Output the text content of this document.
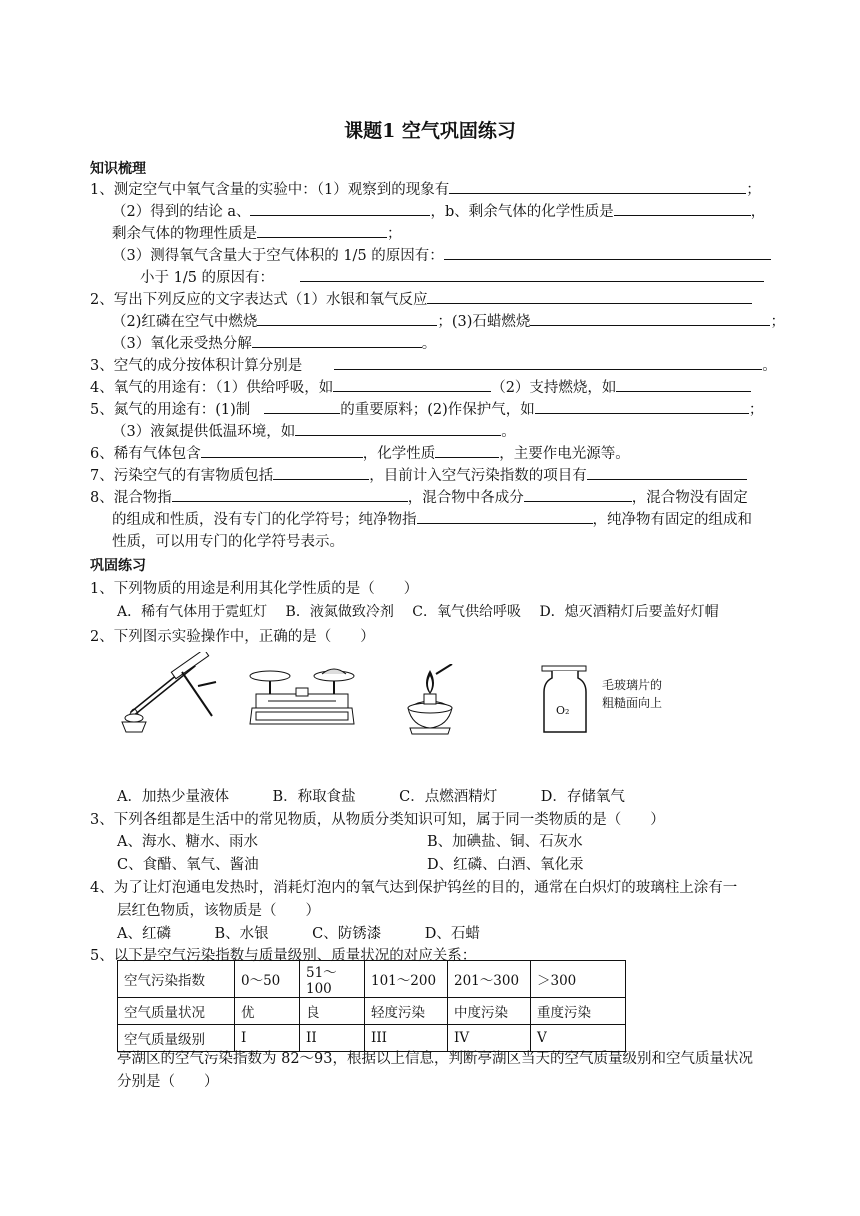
课题1 空气巩固练习
知识梳理
1、测定空气中氧气含量的实验中：（1）观察到的现象有	；
（2）得到的结论 a、	，b、剩余气体的化学性质是	，
剩余气体的物理性质是	；
（3）测得氧气含量大于空气体积的 1/5 的原因有：
小于 1/5 的原因有：
2、写出下列反应的文字表达式（1）水银和氧气反应
（2)红磷在空气中燃烧	；(3)石蜡燃烧	；
（3）氧化汞受热分解	。
3、空气的成分按体积计算分别是	。
4、氧气的用途有：（1）供给呼吸，如	（2）支持燃烧，如
5、氮气的用途有：(1)制	的重要原料；(2)作保护气，如	；
（3）液氮提供低温环境，如	。
6、稀有气体包含	，化学性质	，主要作电光源等。
7、污染空气的有害物质包括	，目前计入空气污染指数的项目有
8、混合物指	，混合物中各成分	，混合物没有固定
的组成和性质，没有专门的化学符号；纯净物指	，纯净物有固定的组成和
性质，可以用专门的化学符号表示。
巩固练习
1、下列物质的用途是利用其化学性质的是（　　）
A．稀有气体用于霓虹灯　 B．液氮做致冷剂　 C．氧气供给呼吸　 D．熄灭酒精灯后要盖好灯帽
2、下列图示实验操作中，正确的是（　　）
O₂
毛玻璃片的
粗糙面向上
A．加热少量液体　　　B．称取食盐　　　C．点燃酒精灯　　　D．存储氧气
3、下列各组都是生活中的常见物质，从物质分类知识可知，属于同一类物质的是（　　）
A、海水、糖水、雨水	B、加碘盐、铜、石灰水
C、食醋、氧气、酱油	D、红磷、白酒、氧化汞
4、为了让灯泡通电发热时，消耗灯泡内的氧气达到保护钨丝的目的，通常在白炽灯的玻璃柱上涂有一
层红色物质，该物质是（　　）
A、红磷　　　B、水银　　　C、防锈漆　　　D、石蜡
5、以下是空气污染指数与质量级别、质量状况的对应关系：
空气污染指数	0～50	51～100	101～200	201～300	＞300
空气质量状况	优	良	轻度污染	中度污染	重度污染
空气质量级别	I	II	III	IV	V
亭湖区的空气污染指数为 82～93，根据以上信息，判断亭湖区当天的空气质量级别和空气质量状况
分别是（　　）
